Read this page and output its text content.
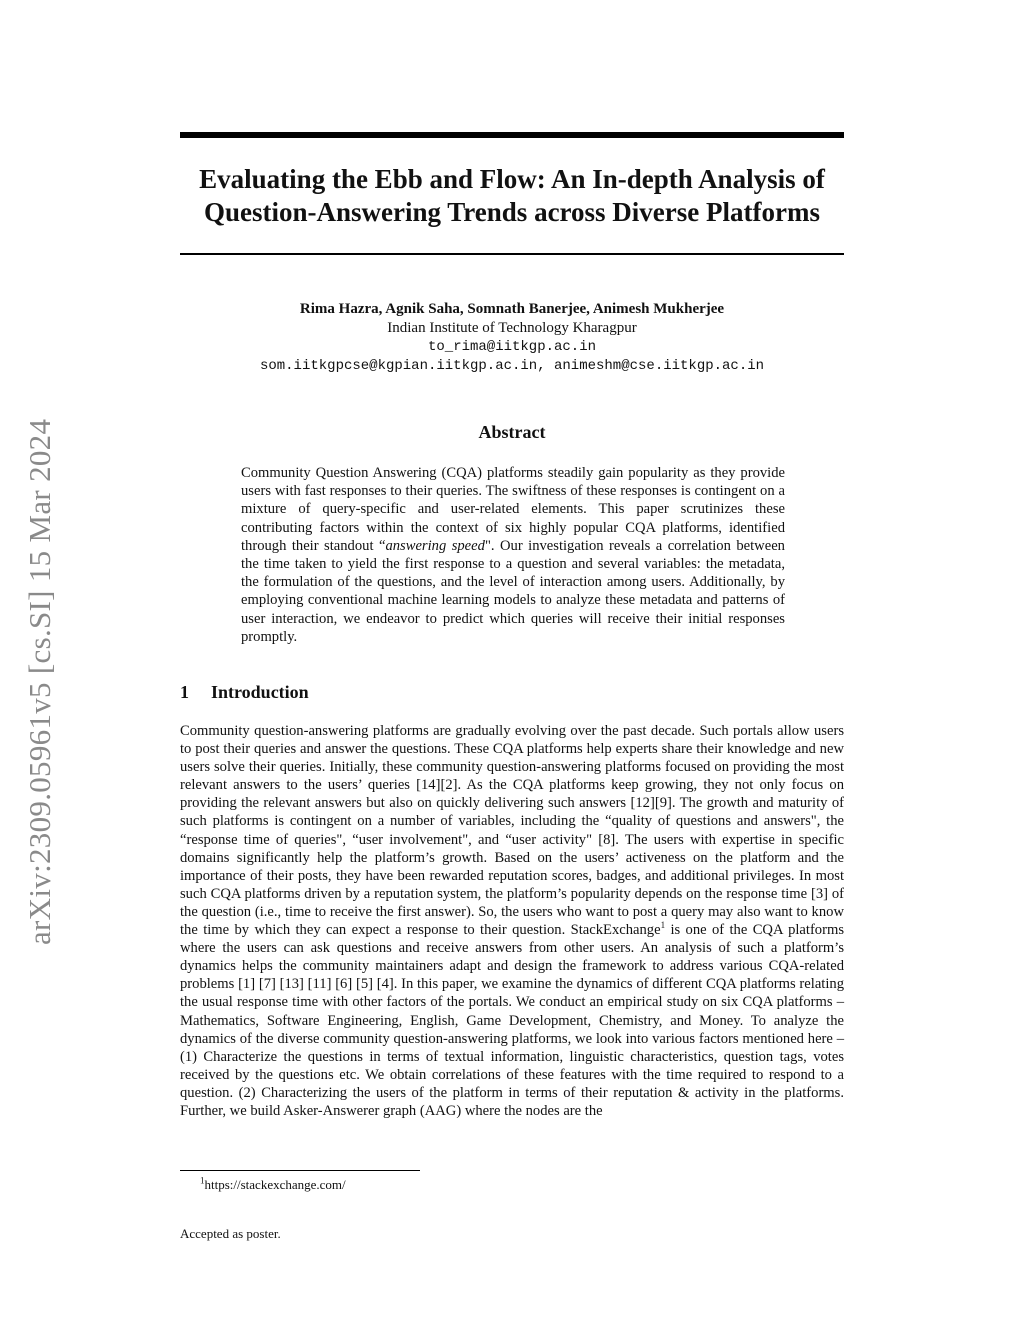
arXiv:2309.05961v5 [cs.SI] 15 Mar 2024
Evaluating the Ebb and Flow: An In-depth Analysis of
Question-Answering Trends across Diverse Platforms
Rima Hazra, Agnik Saha, Somnath Banerjee, Animesh Mukherjee
Indian Institute of Technology Kharagpur
to_rima@iitkgp.ac.in
som.iitkgpcse@kgpian.iitkgp.ac.in, animeshm@cse.iitkgp.ac.in
Abstract

Community Question Answering (CQA) platforms steadily gain popularity as they provide users with fast responses to their queries. The swiftness of these responses is contingent on a mixture of query-specific and user-related elements. This paper scrutinizes these contributing factors within the context of six highly popular CQA platforms, identified through their standout “answering speed". Our investigation reveals a correlation between the time taken to yield the first response to a question and several variables: the metadata, the formulation of the questions, and the level of interaction among users. Additionally, by employing conventional machine learning models to analyze these metadata and patterns of user interaction, we endeavor to predict which queries will receive their initial responses promptly.

1 Introduction

Community question-answering platforms are gradually evolving over the past decade. Such portals allow users to post their queries and answer the questions. These CQA platforms help experts share their knowledge and new users solve their queries. Initially, these community question-answering platforms focused on providing the most relevant answers to the users’ queries [14][2]. As the CQA platforms keep growing, they not only focus on providing the relevant answers but also on quickly delivering such answers [12][9]. The growth and maturity of such platforms is contingent on a number of variables, including the “quality of questions and answers", the “response time of queries", “user involvement", and “user activity" [8]. The users with expertise in specific domains significantly help the platform’s growth. Based on the users’ activeness on the platform and the importance of their posts, they have been rewarded reputation scores, badges, and additional privileges. In most such CQA platforms driven by a reputation system, the platform’s popularity depends on the response time [3] of the question (i.e., time to receive the first answer). So, the users who want to post a query may also want to know the time by which they can expect a response to their question. StackExchange$^1$ is one of the CQA platforms where the users can ask questions and receive answers from other users. An analysis of such a platform’s dynamics helps the community maintainers adapt and design the framework to address various CQA-related problems [1] [7] [13] [11] [6] [5] [4]. In this paper, we examine the dynamics of different CQA platforms relating the usual response time with other factors of the portals. We conduct an empirical study on six CQA platforms – Mathematics, Software Engineering, English, Game Development, Chemistry, and Money. To analyze the dynamics of the diverse community question-answering platforms, we look into various factors mentioned here – (1) Characterize the questions in terms of textual information, linguistic characteristics, question tags, votes received by the questions etc. We obtain correlations of these features with the time required to respond to a question. (2) Characterizing the users of the platform in terms of their reputation & activity in the platforms. Further, we build Asker-Answerer graph (AAG) where the nodes are the

$^1$https://stackexchange.com/

Accepted as poster.
